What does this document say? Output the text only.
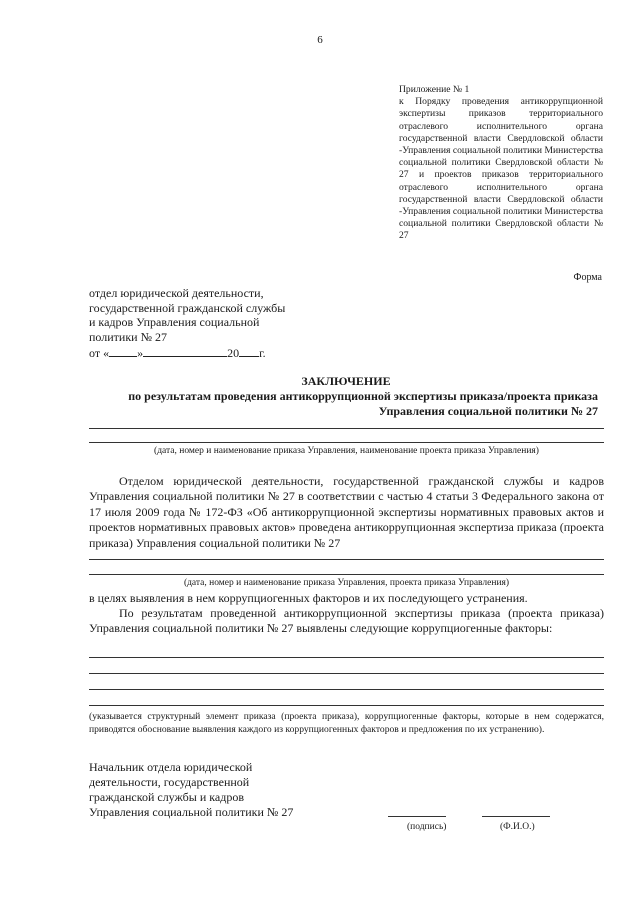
6
Приложение № 1
к Порядку проведения антикоррупционной экспертизы приказов территориального отраслевого исполнительного органа государственной власти Свердловской области -Управления социальной политики Министерства социальной политики Свердловской области № 27 и проектов приказов территориального отраслевого исполнительного органа государственной власти Свердловской области -Управления социальной политики Министерства социальной политики Свердловской области № 27
Форма
отдел юридической деятельности,
государственной гражданской службы
и кадров Управления социальной
политики № 27
от « »	20 г.
ЗАКЛЮЧЕНИЕ
по результатам проведения антикоррупционной экспертизы приказа/проекта приказа
Управления социальной политики № 27
(дата, номер и наименование приказа Управления, наименование проекта приказа Управления)
Отделом юридической деятельности, государственной гражданской службы и кадров Управления социальной политики № 27 в соответствии с частью 4 статьи 3 Федерального закона от 17 июля 2009 года № 172-ФЗ «Об антикоррупционной экспертизы нормативных правовых актов и проектов нормативных правовых актов» проведена антикоррупционная экспертиза приказа (проекта приказа) Управления социальной политики № 27
(дата, номер и наименование приказа Управления, проекта приказа Управления)
в целях выявления в нем коррупциогенных факторов и их последующего устранения.
По результатам проведенной антикоррупционной экспертизы приказа (проекта приказа) Управления социальной политики № 27 выявлены следующие коррупциогенные факторы:
(указывается структурный элемент приказа (проекта приказа), коррупциогенные факторы, которые в нем содержатся, приводятся обоснование выявления каждого из коррупциогенных факторов и предложения по их устранению).
Начальник отдела юридической
деятельности, государственной
гражданской службы и кадров
Управления социальной политики № 27
(подпись)	(Ф.И.О.)
